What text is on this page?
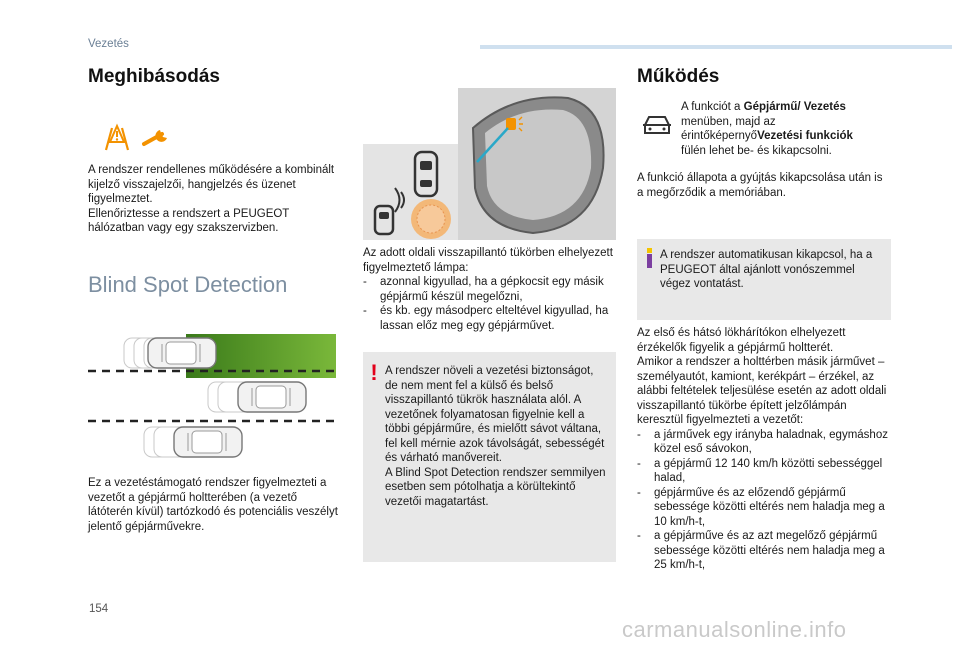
Vezetés
Meghibásodás

A rendszer rendellenes működésére a kombinált kijelző visszajelzői, hangjelzés és üzenet figyelmeztet.

Ellenőriztesse a rendszert a PEUGEOT hálózatban vagy egy szakszervizben.

Blind Spot Detection
Ez a vezetéstámogató rendszer figyelmezteti a vezetőt a gépjármű holtterében (a vezető látóterén kívül) tartózkodó és potenciális veszélyt jelentő gépjárművekre.

Az adott oldali visszapillantó tükörben elhelyezett figyelmeztető lámpa:

- azonnal kigyullad, ha a gépkocsit egy másik gépjármű készül megelőzni,
- és kb. egy másodperc elteltével kigyullad, ha lassan előz meg egy gépjárművet.
! A rendszer növeli a vezetési biztonságot, de nem ment fel a külső és belső visszapillantó tükrök használata alól. A vezetőnek folyamatosan figyelnie kell a többi gépjárműre, és mielőtt sávot váltana, fel kell mérnie azok távolságát, sebességét és várható manővereit.

A Blind Spot Detection rendszer semmilyen esetben sem pótolhatja a körültekintő vezetői magatartást.

Működés
A funkciót a Gépjármű/ Vezetés menüben, majd az érintőképernyőVezetési funkciók fülén lehet be- és kikapcsolni.
A funkció állapota a gyújtás kikapcsolása után is a megőrződik a memóriában.
A rendszer automatikusan kikapcsol, ha a PEUGEOT által ajánlott vonószemmel végez vontatást.

Az első és hátsó lökhárítókon elhelyezett érzékelők figyelik a gépjármű holtterét.

Amikor a rendszer a holttérben másik járművet – személyautót, kamiont, kerékpárt – érzékel, az alábbi feltételek teljesülése esetén az adott oldali visszapillantó tükörbe épített jelzőlámpán keresztül figyelmezteti a vezetőt:

- a járművek egy irányba haladnak, egymáshoz közel eső sávokon,
- a gépjármű 12 140 km/h közötti sebességgel halad,
- gépjárműve és az előzendő gépjármű sebessége közötti eltérés nem haladja meg a 10 km/h-t,
- a gépjárműve és az azt megelőző gépjármű sebessége közötti eltérés nem haladja meg a 25 km/h-t,
154
carmanualsonline.info
